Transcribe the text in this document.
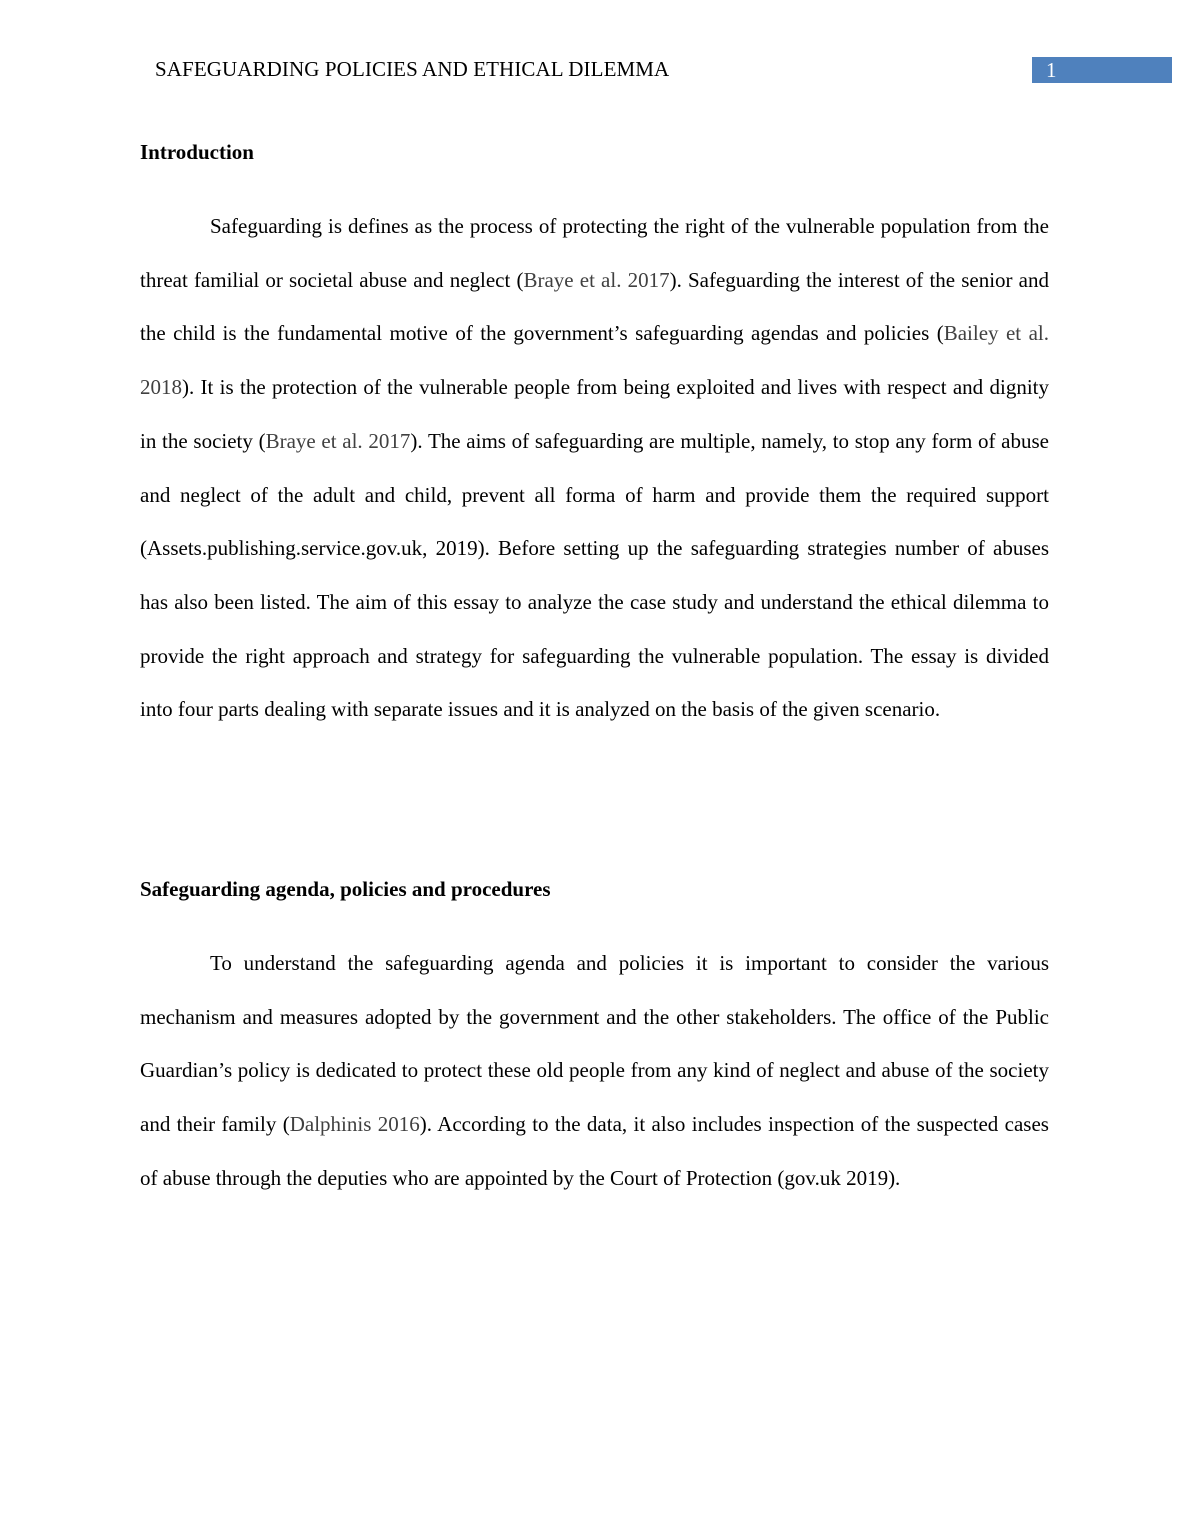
SAFEGUARDING POLICIES AND ETHICAL DILEMMA	1
Introduction

Safeguarding is defines as the process of protecting the right of the vulnerable population from the threat familial or societal abuse and neglect (Braye et al. 2017). Safeguarding the interest of the senior and the child is the fundamental motive of the government’s safeguarding agendas and policies (Bailey et al. 2018). It is the protection of the vulnerable people from being exploited and lives with respect and dignity in the society (Braye et al. 2017). The aims of safeguarding are multiple, namely, to stop any form of abuse and neglect of the adult and child, prevent all forma of harm and provide them the required support (Assets.publishing.service.gov.uk, 2019). Before setting up the safeguarding strategies number of abuses has also been listed. The aim of this essay to analyze the case study and understand the ethical dilemma to provide the right approach and strategy for safeguarding the vulnerable population. The essay is divided into four parts dealing with separate issues and it is analyzed on the basis of the given scenario.

Safeguarding agenda, policies and procedures

To understand the safeguarding agenda and policies it is important to consider the various mechanism and measures adopted by the government and the other stakeholders. The office of the Public Guardian’s policy is dedicated to protect these old people from any kind of neglect and abuse of the society and their family (Dalphinis 2016). According to the data, it also includes inspection of the suspected cases of abuse through the deputies who are appointed by the Court of Protection (gov.uk 2019).
